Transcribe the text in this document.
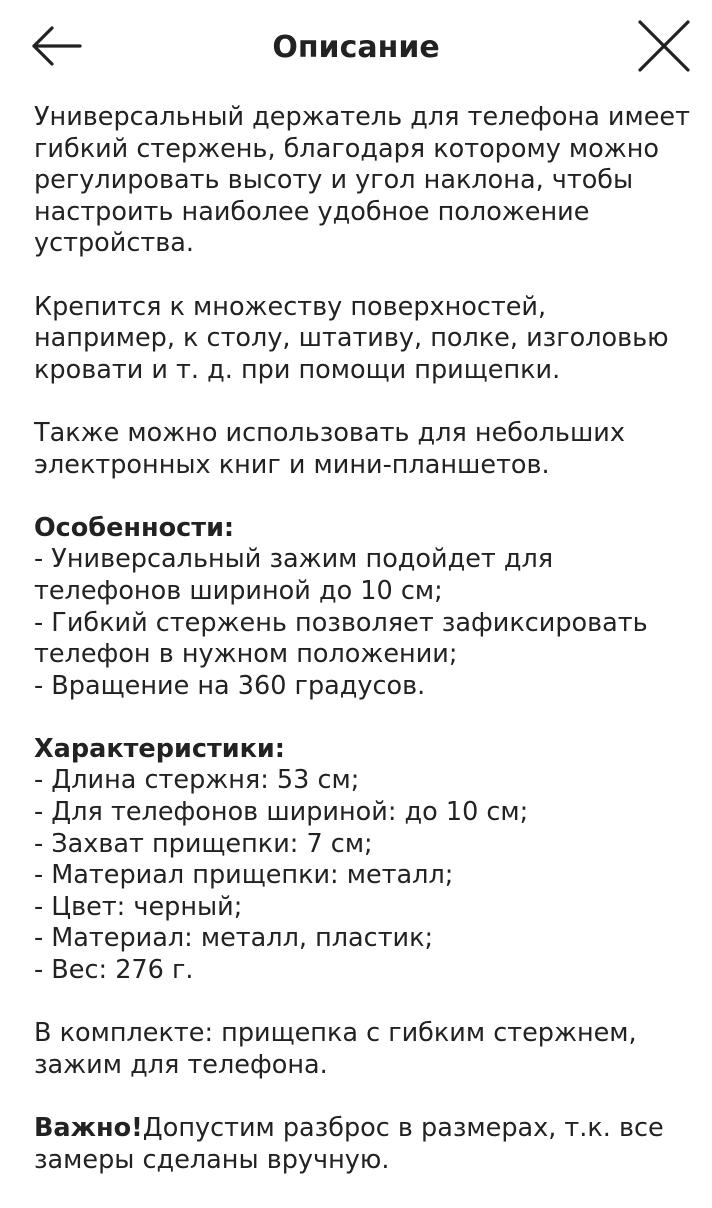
Описание
Универсальный держатель для телефона имеет
гибкий стержень, благодаря которому можно
регулировать высоту и угол наклона, чтобы
настроить наиболее удобное положение
устройства.
Крепится к множеству поверхностей,
например, к столу, штативу, полке, изголовью
кровати и т. д. при помощи прищепки.
Также можно использовать для небольших
электронных книг и мини-планшетов.
Особенности:
- Универсальный зажим подойдет для
телефонов шириной до 10 см;
- Гибкий стержень позволяет зафиксировать
телефон в нужном положении;
- Вращение на 360 градусов.
Характеристики:
- Длина стержня: 53 см;
- Для телефонов шириной: до 10 см;
- Захват прищепки: 7 см;
- Материал прищепки: металл;
- Цвет: черный;
- Материал: металл, пластик;
- Вес: 276 г.
В комплекте: прищепка с гибким стержнем,
зажим для телефона.
Важно!Допустим разброс в размерах, т.к. все
замеры сделаны вручную.
